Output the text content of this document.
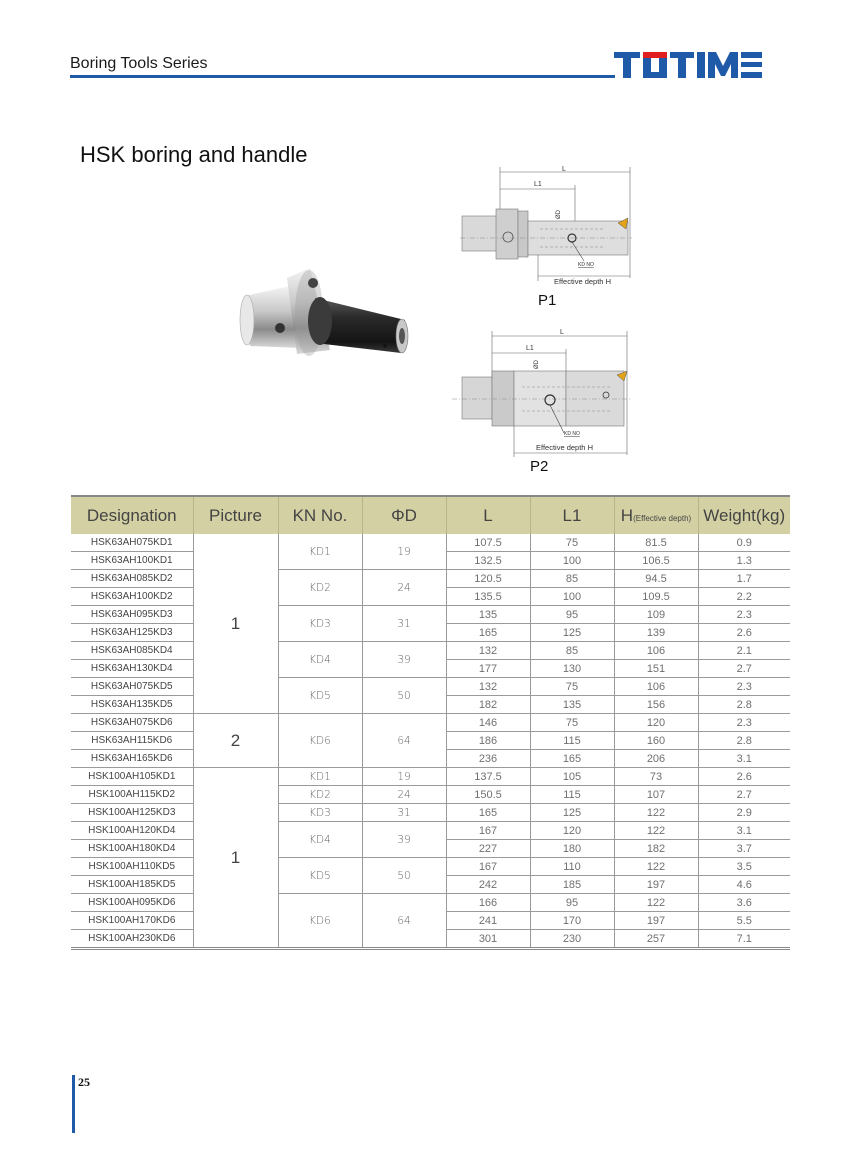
Boring Tools Series
HSK boring and handle
L
L1
ØD
KD NO
Effective depth H
P1
L
L1
ØD
KD NO
Effective depth H
P2
Designation	Picture	KN No.	ΦD	L	L1	H(Effective depth)	Weight(kg)
HSK63AH075KD1	1	KD1	19	107.5	75	81.5	0.9
HSK63AH100KD1				132.5	100	106.5	1.3
HSK63AH085KD2		KD2	24	120.5	85	94.5	1.7
HSK63AH100KD2				135.5	100	109.5	2.2
HSK63AH095KD3		KD3	31	135	95	109	2.3
HSK63AH125KD3				165	125	139	2.6
HSK63AH085KD4		KD4	39	132	85	106	2.1
HSK63AH130KD4				177	130	151	2.7
HSK63AH075KD5		KD5	50	132	75	106	2.3
HSK63AH135KD5				182	135	156	2.8
HSK63AH075KD6	2	KD6	64	146	75	120	2.3
HSK63AH115KD6				186	115	160	2.8
HSK63AH165KD6				236	165	206	3.1
HSK100AH105KD1	1	KD1	19	137.5	105	73	2.6
HSK100AH115KD2		KD2	24	150.5	115	107	2.7
HSK100AH125KD3		KD3	31	165	125	122	2.9
HSK100AH120KD4		KD4	39	167	120	122	3.1
HSK100AH180KD4				227	180	182	3.7
HSK100AH110KD5		KD5	50	167	110	122	3.5
HSK100AH185KD5				242	185	197	4.6
HSK100AH095KD6		KD6	64	166	95	122	3.6
HSK100AH170KD6				241	170	197	5.5
HSK100AH230KD6				301	230	257	7.1
25
